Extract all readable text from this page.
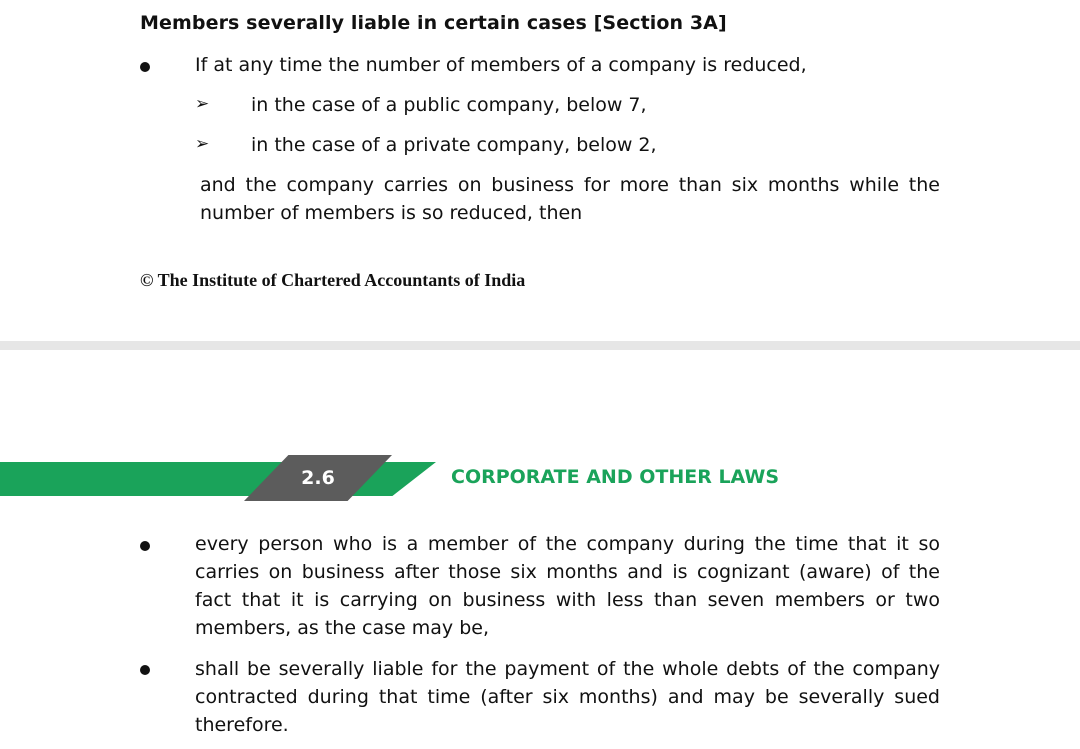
Members severally liable in certain cases [Section 3A]
If at any time the number of members of a company is reduced,
➢ in the case of a public company, below 7,
➢ in the case of a private company, below 2,
and the company carries on business for more than six months while the number of members is so reduced, then
© The Institute of Chartered Accountants of India
2.6	CORPORATE AND OTHER LAWS
every person who is a member of the company during the time that it so carries on business after those six months and is cognizant (aware) of the fact that it is carrying on business with less than seven members or two members, as the case may be,
shall be severally liable for the payment of the whole debts of the company contracted during that time (after six months) and may be severally sued therefore.
